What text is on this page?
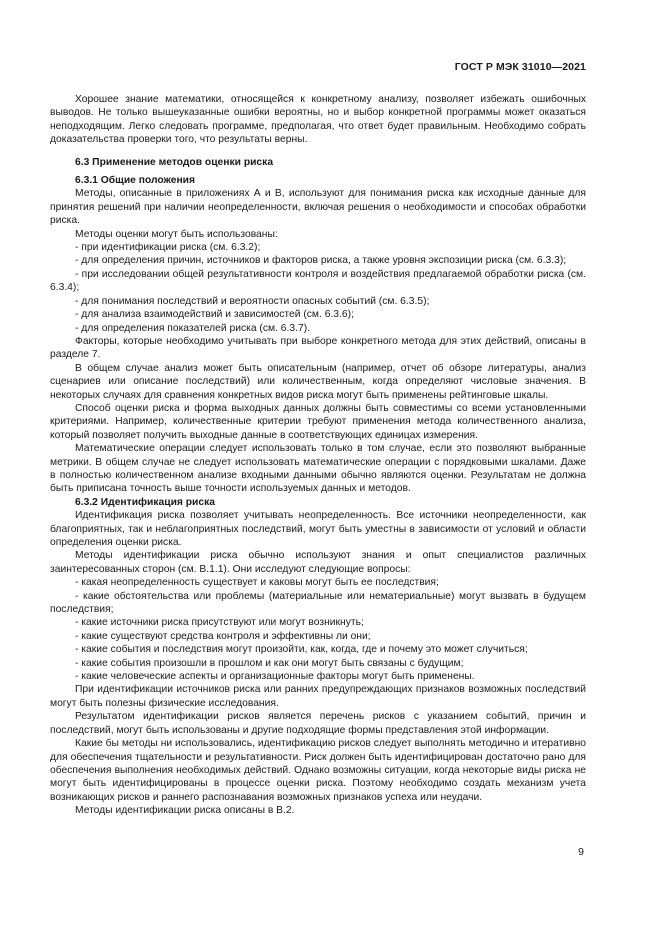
ГОСТ Р МЭК 31010—2021

Хорошее знание математики, относящейся к конкретному анализу, позволяет избежать ошибочных выводов. Не только вышеуказанные ошибки вероятны, но и выбор конкретной программы может оказаться неподходящим. Легко следовать программе, предполагая, что ответ будет правильным. Необходимо собрать доказательства проверки того, что результаты верны.

6.3 Применение методов оценки риска
6.3.1 Общие положения

Методы, описанные в приложениях А и В, используют для понимания риска как исходные данные для принятия решений при наличии неопределенности, включая решения о необходимости и способах обработки риска.

Методы оценки могут быть использованы:

- при идентификации риска (см. 6.3.2);

- для определения причин, источников и факторов риска, а также уровня экспозиции риска (см. 6.3.3);

- при исследовании общей результативности контроля и воздействия предлагаемой обработки риска (см. 6.3.4);

- для понимания последствий и вероятности опасных событий (см. 6.3.5);

- для анализа взаимодействий и зависимостей (см. 6.3.6);

- для определения показателей риска (см. 6.3.7).

Факторы, которые необходимо учитывать при выборе конкретного метода для этих действий, описаны в разделе 7.

В общем случае анализ может быть описательным (например, отчет об обзоре литературы, анализ сценариев или описание последствий) или количественным, когда определяют числовые значения. В некоторых случаях для сравнения конкретных видов риска могут быть применены рейтинговые шкалы.

Способ оценки риска и форма выходных данных должны быть совместимы со всеми установленными критериями. Например, количественные критерии требуют применения метода количественного анализа, который позволяет получить выходные данные в соответствующих единицах измерения.

Математические операции следует использовать только в том случае, если это позволяют выбранные метрики. В общем случае не следует использовать математические операции с порядковыми шкалами. Даже в полностью количественном анализе входными данными обычно являются оценки. Результатам не должна быть приписана точность выше точности используемых данных и методов.

6.3.2 Идентификация риска

Идентификация риска позволяет учитывать неопределенность. Все источники неопределенности, как благоприятных, так и неблагоприятных последствий, могут быть уместны в зависимости от условий и области определения оценки риска.

Методы идентификации риска обычно используют знания и опыт специалистов различных заинтересованных сторон (см. В.1.1). Они исследуют следующие вопросы:

- какая неопределенность существует и каковы могут быть ее последствия;

- какие обстоятельства или проблемы (материальные или нематериальные) могут вызвать в будущем последствия;

- какие источники риска присутствуют или могут возникнуть;

- какие существуют средства контроля и эффективны ли они;

- какие события и последствия могут произойти, как, когда, где и почему это может случиться;

- какие события произошли в прошлом и как они могут быть связаны с будущим;

- какие человеческие аспекты и организационные факторы могут быть применены.

При идентификации источников риска или ранних предупреждающих признаков возможных последствий могут быть полезны физические исследования.

Результатом идентификации рисков является перечень рисков с указанием событий, причин и последствий, могут быть использованы и другие подходящие формы представления этой информации.

Какие бы методы ни использовались, идентификацию рисков следует выполнять методично и итеративно для обеспечения тщательности и результативности. Риск должен быть идентифицирован достаточно рано для обеспечения выполнения необходимых действий. Однако возможны ситуации, когда некоторые виды риска не могут быть идентифицированы в процессе оценки риска. Поэтому необходимо создать механизм учета возникающих рисков и раннего распознавания возможных признаков успеха или неудачи.

Методы идентификации риска описаны в В.2.

9
